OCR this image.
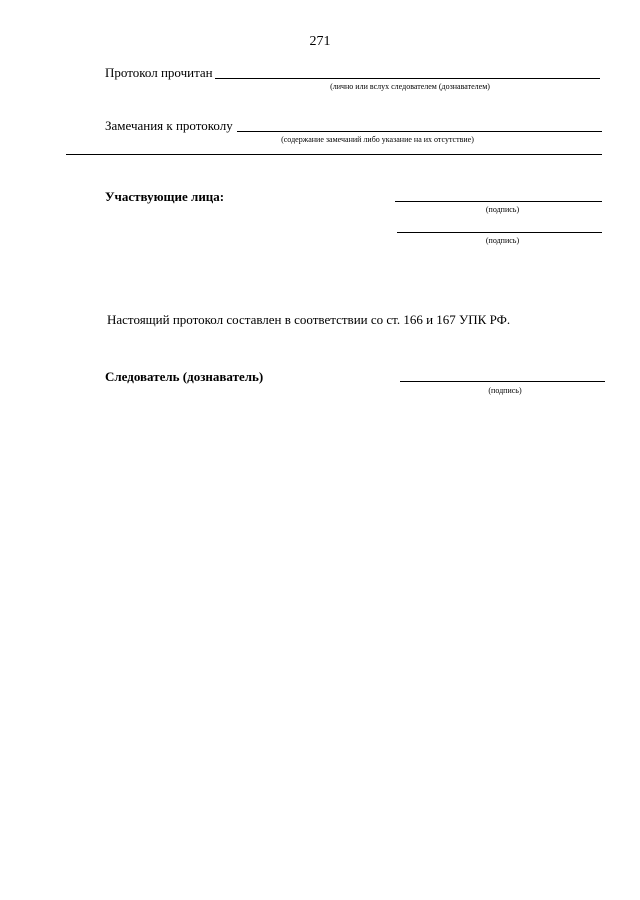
271
Протокол прочитан
(лично или вслух следователем (дознавателем)
Замечания к протоколу
(содержание замечаний либо указание на их отсутствие)
Участвующие лица:
(подпись)
(подпись)
Настоящий протокол составлен в соответствии со ст. 166 и 167 УПК РФ.
Следователь (дознаватель)
(подпись)
